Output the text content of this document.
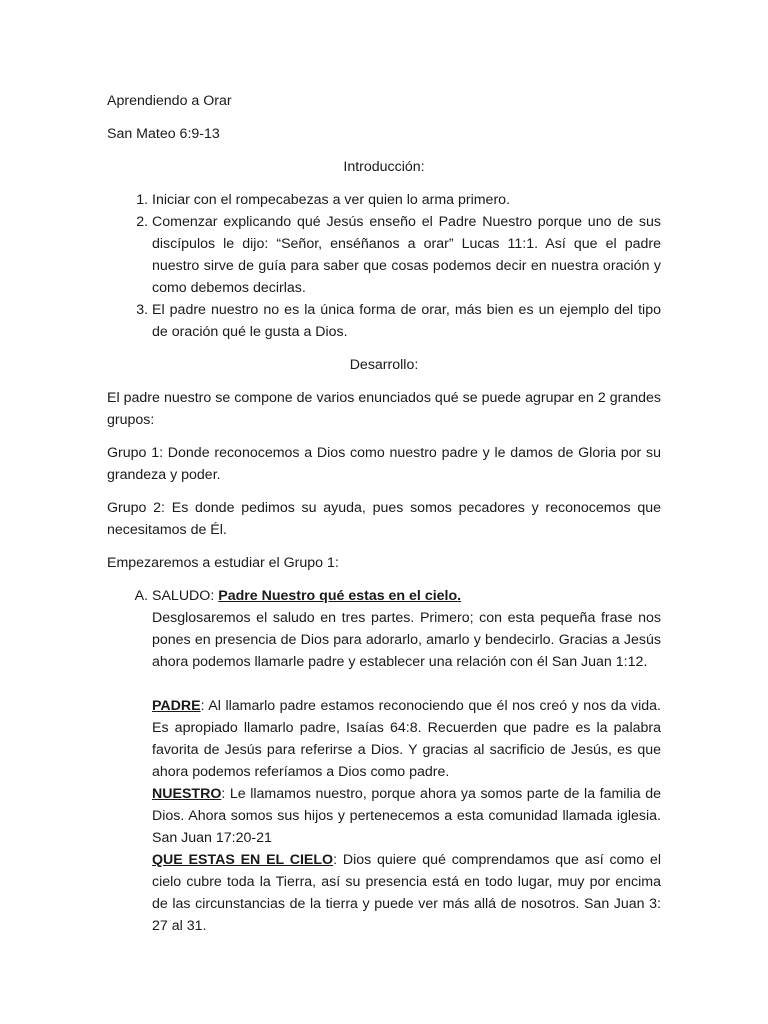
Aprendiendo a Orar

San Mateo 6:9-13

Introducción:

1. Iniciar con el rompecabezas a ver quien lo arma primero.
2. Comenzar explicando qué Jesús enseño el Padre Nuestro porque uno de sus discípulos le dijo: “Señor, enséñanos a orar” Lucas 11:1. Así que el padre nuestro sirve de guía para saber que cosas podemos decir en nuestra oración y como debemos decirlas.
3. El padre nuestro no es la única forma de orar, más bien es un ejemplo del tipo de oración qué le gusta a Dios.

Desarrollo:

El padre nuestro se compone de varios enunciados qué se puede agrupar en 2 grandes grupos:

Grupo 1: Donde reconocemos a Dios como nuestro padre y le damos de Gloria por su grandeza y poder.

Grupo 2: Es donde pedimos su ayuda, pues somos pecadores y reconocemos que necesitamos de Él.

Empezaremos a estudiar el Grupo 1:

A. SALUDO: Padre Nuestro qué estas en el cielo.

Desglosaremos el saludo en tres partes. Primero; con esta pequeña frase nos pones en presencia de Dios para adorarlo, amarlo y bendecirlo. Gracias a Jesús ahora podemos llamarle padre y establecer una relación con él San Juan 1:12.

PADRE: Al llamarlo padre estamos reconociendo que él nos creó y nos da vida. Es apropiado llamarlo padre, Isaías 64:8. Recuerden que padre es la palabra favorita de Jesús para referirse a Dios. Y gracias al sacrificio de Jesús, es que ahora podemos referíamos a Dios como padre.

NUESTRO: Le llamamos nuestro, porque ahora ya somos parte de la familia de Dios. Ahora somos sus hijos y pertenecemos a esta comunidad llamada iglesia. San Juan 17:20-21

QUE ESTAS EN EL CIELO: Dios quiere qué comprendamos que así como el cielo cubre toda la Tierra, así su presencia está en todo lugar, muy por encima de las circunstancias de la tierra y puede ver más allá de nosotros. San Juan 3: 27 al 31.
